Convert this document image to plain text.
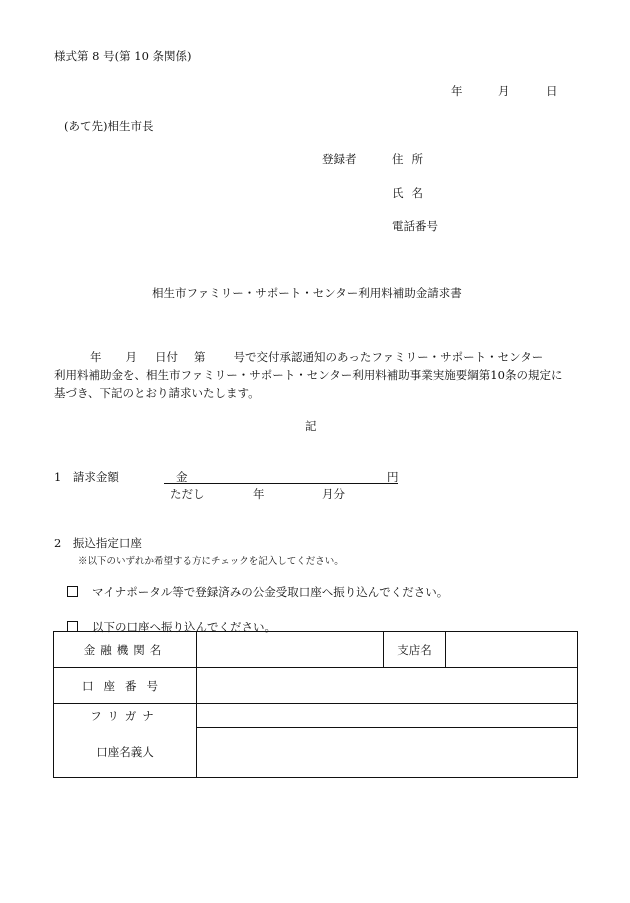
様式第 8 号(第 10 条関係)
年	月	日
(あて先)相生市長
登録者	住所
氏名
電話番号
相生市ファミリー・サポート・センター利用料補助金請求書
年 月 日付 第 号で交付承認通知のあったファミリー・サポート・センター
利用料補助金を、相生市ファミリー・サポート・センター利用料補助事業実施要綱第10条の規定に
基づき、下記のとおり請求いたします。
記
1　請求金額	金	円
ただし	年	月分
2　振込指定口座
※以下のいずれか希望する方にチェックを記入してください。
マイナポータル等で登録済みの公金受取口座へ振り込んでください。
以下の口座へ振り込んでください。
金融機関名		支店名	
口座番号			

フリガナ
口座名義人			
